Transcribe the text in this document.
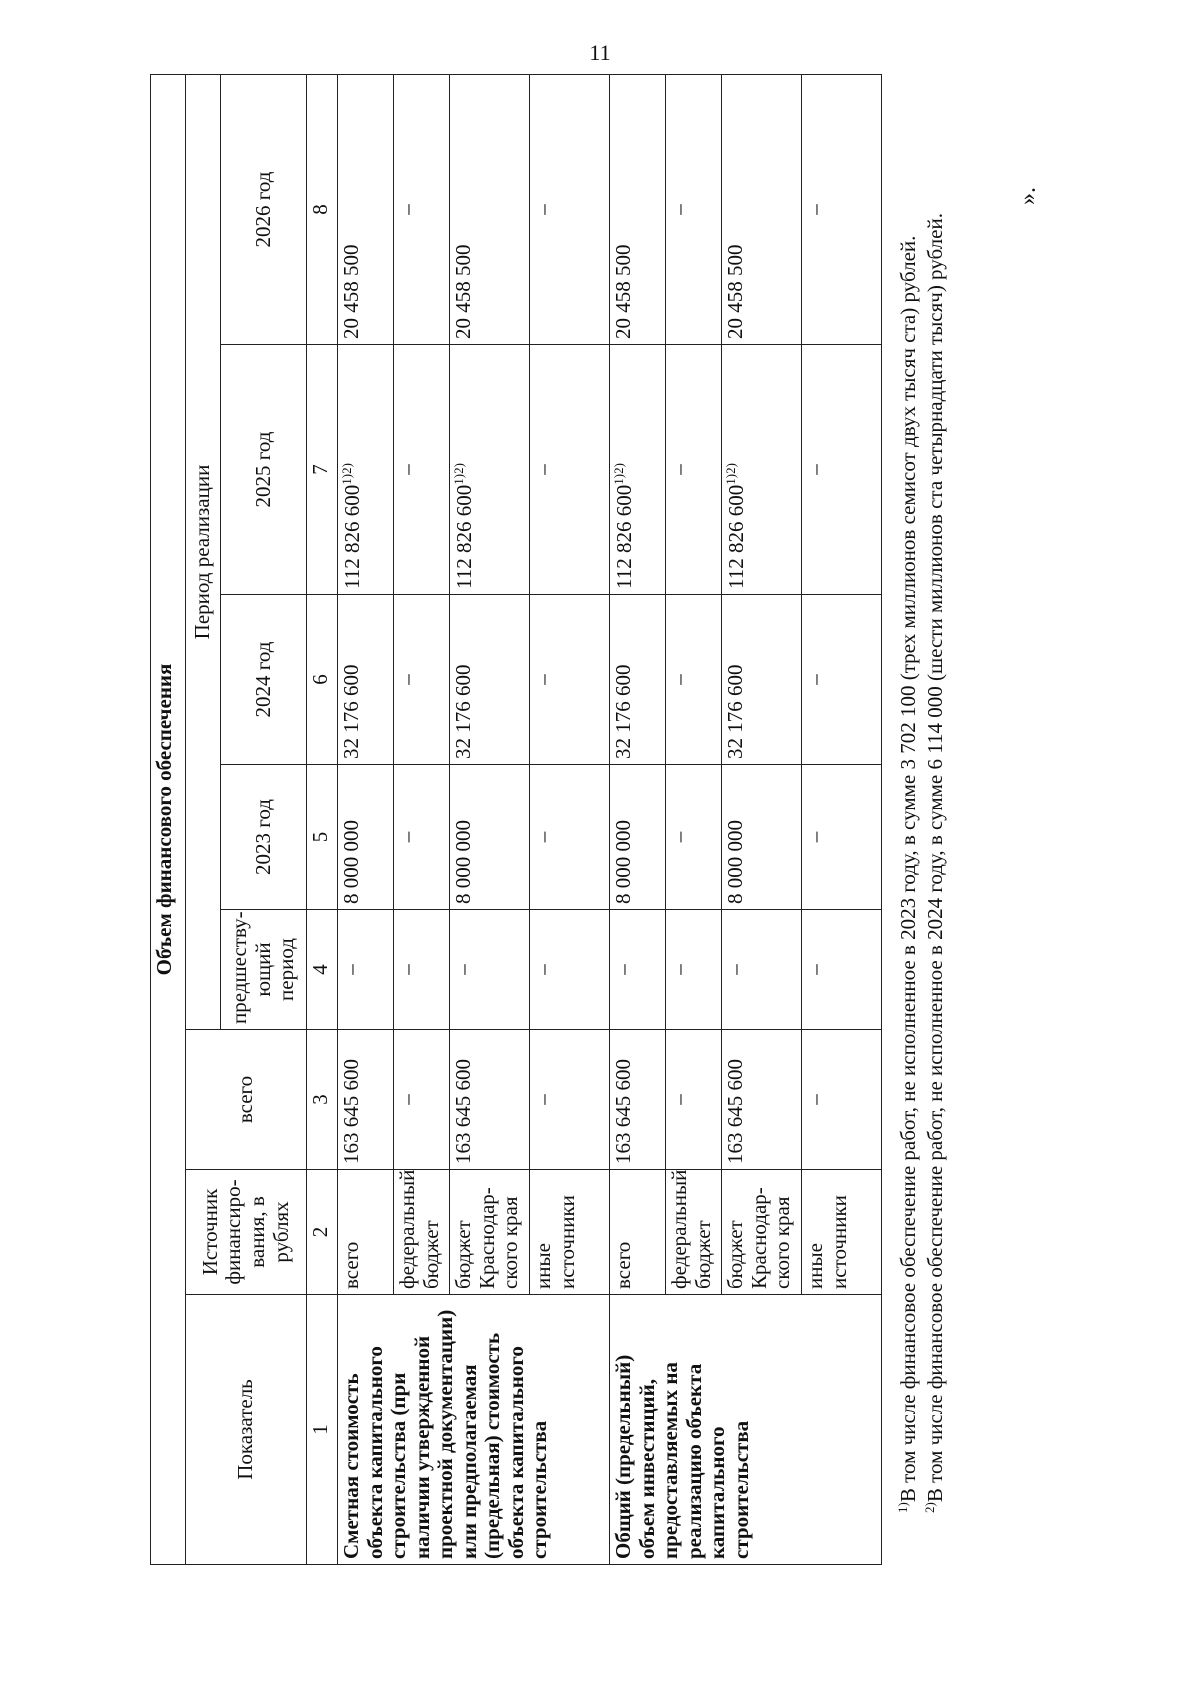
11
Объем финансового обеспечения							
Показатель	Источник финансиро-вания, в рублях	всего	Период реализации				
			предшеству-ющий период	2023 год	2024 год	2025 год	2026 год
1	2	3	4	5	6	7	8
Сметная стоимость объекта капитального строительства (при наличии утвержденной проектной документации) или предполагаемая (предельная) стоимость объекта капитального строительства	всего	163 645 600	–	8 000 000	32 176 600	112 826 $600^{1)2)}$	20 458 500
	федеральный бюджет	–	–	–	–	–	–
	бюджет Краснодар-ского края	163 645 600	–	8 000 000	32 176 600	112 826 $600^{1)2)}$	20 458 500
	иные источники	–	–	–	–	–	–
Общий (предельный) объем инвестиций, предоставляемых на реализацию объекта капитального строительства	всего	163 645 600	–	8 000 000	32 176 600	112 826 $600^{1)2)}$	20 458 500
	федеральный бюджет	–	–	–	–	–	–
	бюджет Краснодар-ского края	163 645 600	–	8 000 000	32 176 600	112 826 $600^{1)2)}$	20 458 500
	иные источники	–	–	–	–	–	–

$^{1)}$В том числе финансовое обеспечение работ, не исполненное в 2023 году, в сумме 3 702 100 (трех миллионов семисот двух тысяч ста) рублей.

$^{2)}$В том числе финансовое обеспечение работ, не исполненное в 2024 году, в сумме 6 114 000 (шести миллионов ста четырнадцати тысяч) рублей.

».
